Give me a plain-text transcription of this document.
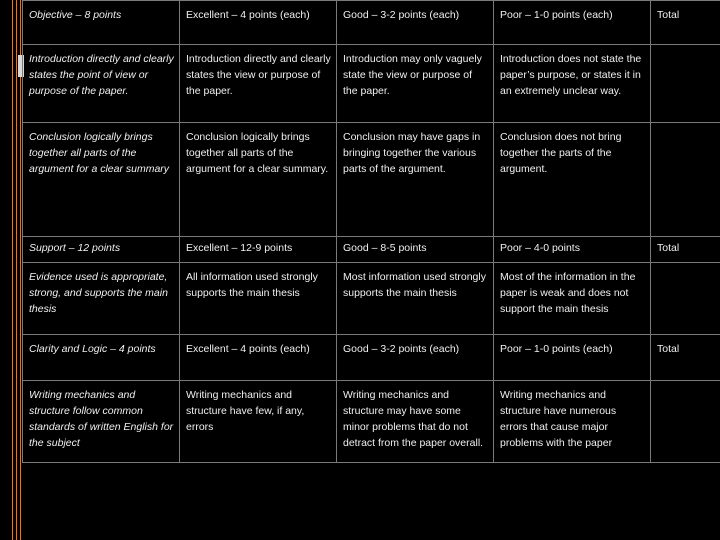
Objective – 8 points	Excellent – 4 points (each)	Good – 3-2 points (each)	Poor – 1-0 points (each)	Total
Introduction directly and clearly states the point of view or purpose of the paper.	Introduction directly and clearly states the view or purpose of the paper.	Introduction may only vaguely state the view or purpose of the paper.	Introduction does not state the paper’s purpose, or states it in an extremely unclear way.	
Conclusion logically brings together all parts of the argument for a clear summary	Conclusion logically brings together all parts of the argument for a clear summary.	Conclusion may have gaps in bringing together the various parts of the argument.	Conclusion does not bring together the parts of the argument.	
Support – 12 points	Excellent – 12-9 points	Good – 8-5 points	Poor – 4-0 points	Total
Evidence used is appropriate, strong, and supports the main thesis	All information used strongly supports the main thesis	Most information used strongly supports the main thesis	Most of the information in the paper is weak and does not support the main thesis	
Clarity and Logic – 4 points	Excellent – 4 points (each)	Good – 3-2 points (each)	Poor – 1-0 points (each)	Total
Writing mechanics and structure follow common standards of written English for the subject	Writing mechanics and structure have few, if any, errors	Writing mechanics and structure may have some minor problems that do not detract from the paper overall.	Writing mechanics and structure have numerous errors that cause major problems with the paper	
